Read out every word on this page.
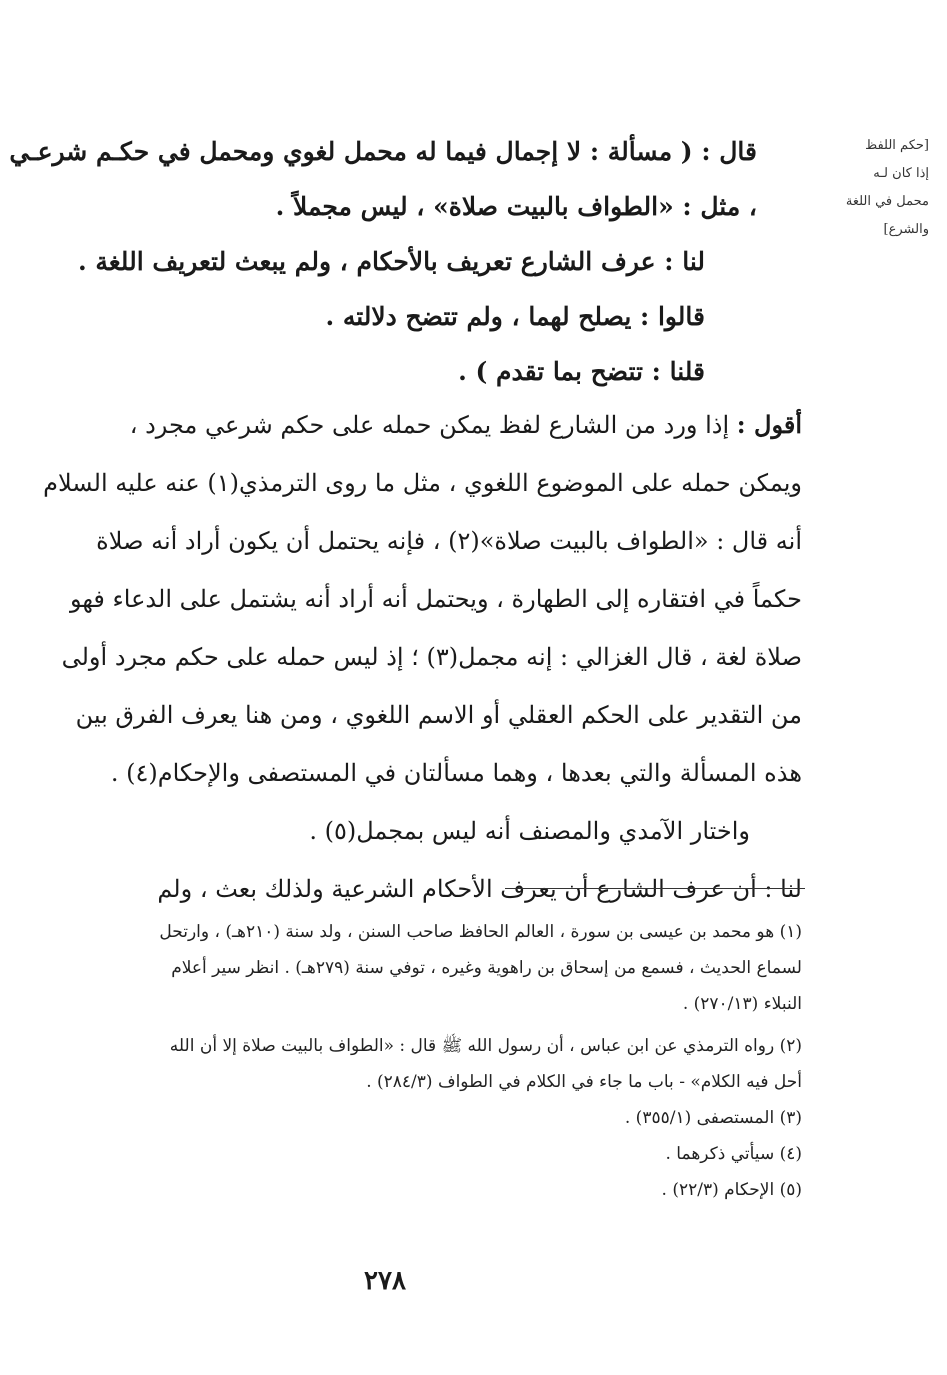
[حكم اللفظ
إذا كان لـه
محمل في اللغة
والشرع]
قال : ( مسألة : لا إجمال فيما له محمل لغوي ومحمل في حكـم شرعـي
، مثل : «الطواف بالبيت صلاة» ، ليس مجملاً .
لنا : عرف الشارع تعريف بالأحكام ، ولم يبعث لتعريف اللغة .
قالوا : يصلح لهما ، ولم تتضح دلالته .
قلنا : تتضح بما تقدم ) .
أقول : إذا ورد من الشارع لفظ يمكن حمله على حكم شرعي مجرد ،
ويمكن حمله على الموضوع اللغوي ، مثل ما روى الترمذي(١) عنه عليه السلام
أنه قال : «الطواف بالبيت صلاة»(٢) ، فإنه يحتمل أن يكون أراد أنه صلاة
حكماً في افتقاره إلى الطهارة ، ويحتمل أنه أراد أنه يشتمل على الدعاء فهو
صلاة لغة ، قال الغزالي : إنه مجمل(٣) ؛ إذ ليس حمله على حكم مجرد أولى
من التقدير على الحكم العقلي أو الاسم اللغوي ، ومن هنا يعرف الفرق بين
هذه المسألة والتي بعدها ، وهما مسألتان في المستصفى والإحكام(٤) .
واختار الآمدي والمصنف أنه ليس بمجمل(٥) .
لنا : أن عرف الشارع أن يعرف الأحكام الشرعية ولذلك بعث ، ولم
(١) هو محمد بن عيسى بن سورة ، العالم الحافظ صاحب السنن ، ولد سنة (٢١٠هـ) ، وارتحل
لسماع الحديث ، فسمع من إسحاق بن راهوية وغيره ، توفي سنة (٢٧٩هـ) . انظر سير أعلام
النبلاء (٢٧٠/١٣) .
(٢) رواه الترمذي عن ابن عباس ، أن رسول الله ﷺ قال : «الطواف بالبيت صلاة إلا أن الله
أحل فيه الكلام» - باب ما جاء في الكلام في الطواف (٢٨٤/٣) .
(٣) المستصفى (٣٥٥/١) .
(٤) سيأتي ذكرهما .
(٥) الإحكام (٢٢/٣) .
٢٧٨
